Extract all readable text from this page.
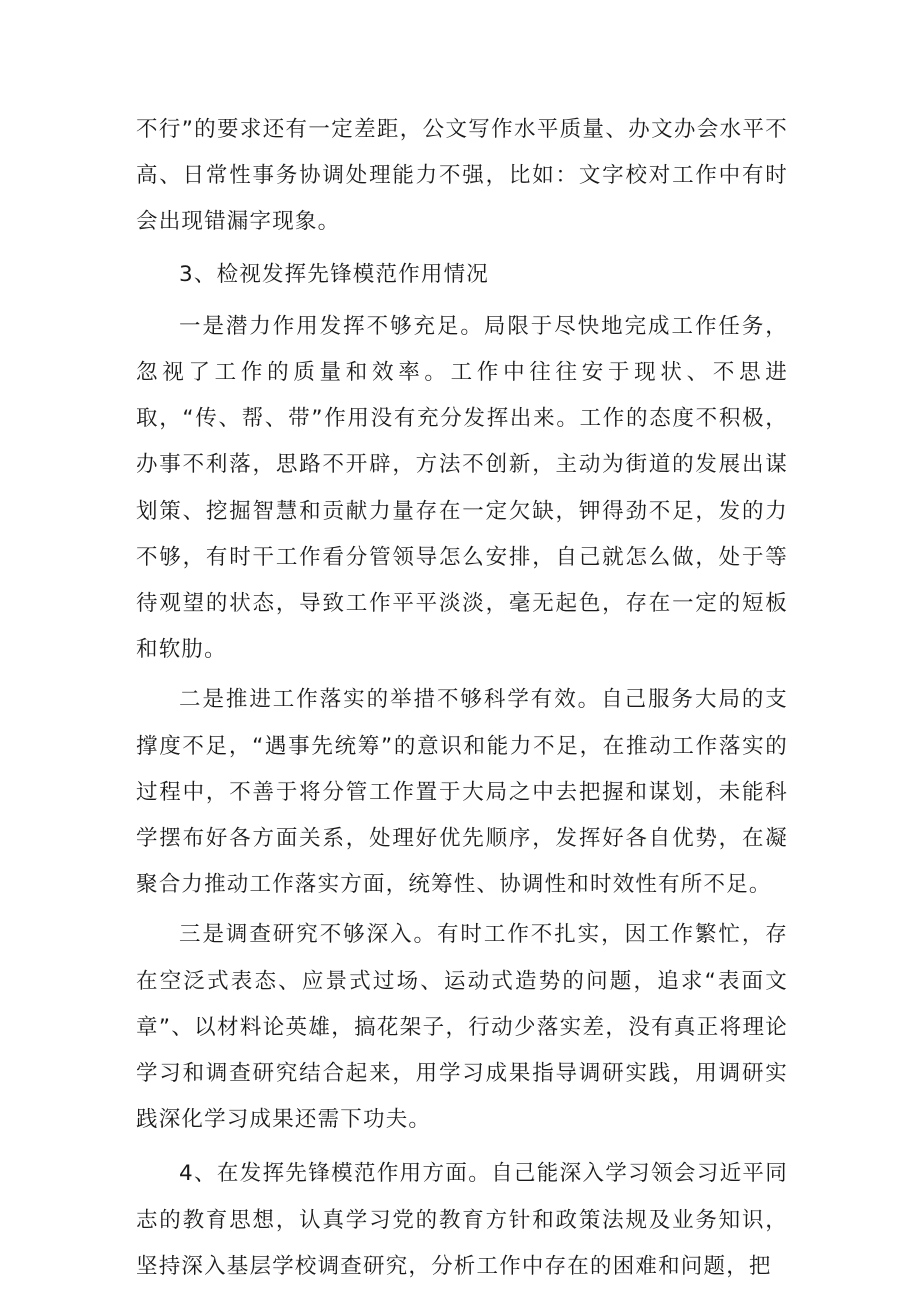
不行”的要求还有一定差距，公文写作水平质量、办文办会水平不高、日常性事务协调处理能力不强，比如：文字校对工作中有时会出现错漏字现象。

3、检视发挥先锋模范作用情况

一是潜力作用发挥不够充足。局限于尽快地完成工作任务，忽视了工作的质量和效率。工作中往往安于现状、不思进取，“传、帮、带”作用没有充分发挥出来。工作的态度不积极，办事不利落，思路不开辟，方法不创新，主动为街道的发展出谋划策、挖掘智慧和贡献力量存在一定欠缺，钾得劲不足，发的力不够，有时干工作看分管领导怎么安排，自己就怎么做，处于等待观望的状态，导致工作平平淡淡，毫无起色，存在一定的短板和软肋。

二是推进工作落实的举措不够科学有效。自己服务大局的支撑度不足，“遇事先统筹”的意识和能力不足，在推动工作落实的过程中，不善于将分管工作置于大局之中去把握和谋划，未能科学摆布好各方面关系，处理好优先顺序，发挥好各自优势，在凝聚合力推动工作落实方面，统筹性、协调性和时效性有所不足。

三是调查研究不够深入。有时工作不扎实，因工作繁忙，存在空泛式表态、应景式过场、运动式造势的问题，追求“表面文章”、以材料论英雄，搞花架子，行动少落实差，没有真正将理论学习和调查研究结合起来，用学习成果指导调研实践，用调研实践深化学习成果还需下功夫。

4、在发挥先锋模范作用方面。自己能深入学习领会习近平同志的教育思想，认真学习党的教育方针和政策法规及业务知识，坚持深入基层学校调查研究，分析工作中存在的困难和问题，把
